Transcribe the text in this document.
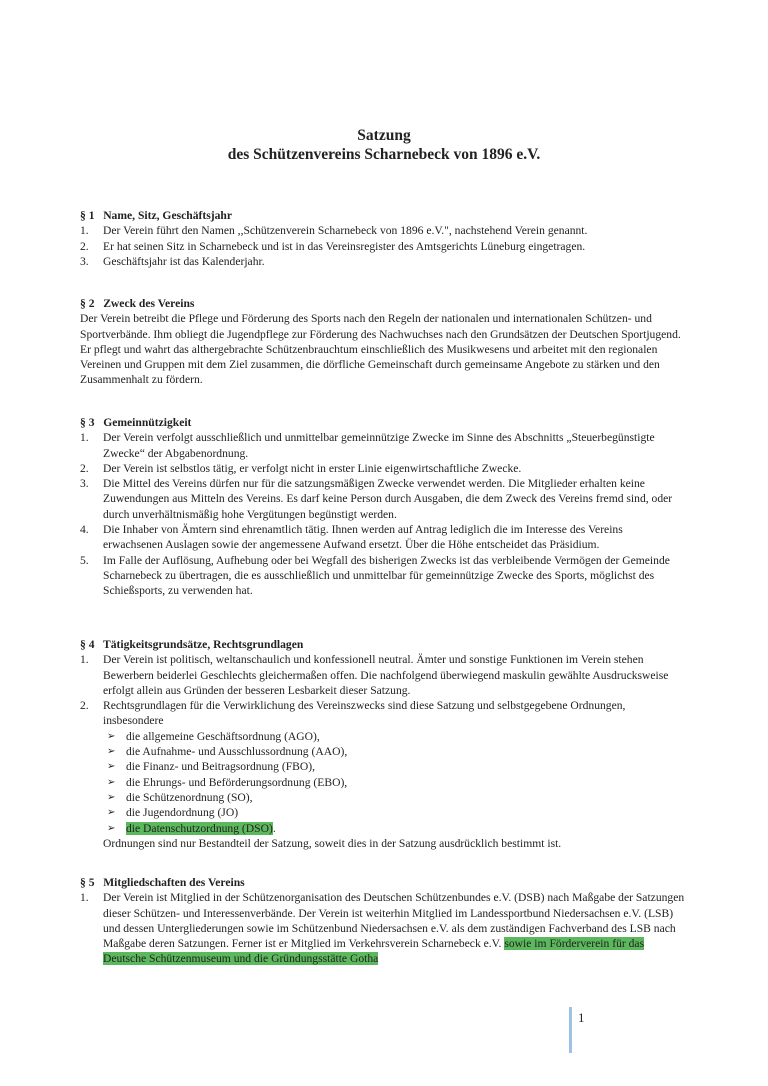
Satzung
des Schützenvereins Scharnebeck von 1896 e.V.
§ 1   Name, Sitz, Geschäftsjahr
1. Der Verein führt den Namen ,,Schützenverein Scharnebeck von 1896 e.V.", nachstehend Verein genannt.
2. Er hat seinen Sitz in Scharnebeck und ist in das Vereinsregister des Amtsgerichts Lüneburg eingetragen.
3. Geschäftsjahr ist das Kalenderjahr.
§ 2   Zweck des Vereins
Der Verein betreibt die Pflege und Förderung des Sports nach den Regeln der nationalen und internationalen Schützen- und Sportverbände. Ihm obliegt die Jugendpflege zur Förderung des Nachwuchses nach den Grundsätzen der Deutschen Sportjugend. Er pflegt und wahrt das althergebrachte Schützenbrauchtum einschließlich des Musikwesens und arbeitet mit den regionalen Vereinen und Gruppen mit dem Ziel zusammen, die dörfliche Gemeinschaft durch gemeinsame Angebote zu stärken und den Zusammenhalt zu fördern.
§ 3   Gemeinnützigkeit
1. Der Verein verfolgt ausschließlich und unmittelbar gemeinnützige Zwecke im Sinne des Abschnitts „Steuerbegünstigte Zwecke“ der Abgabenordnung.
2. Der Verein ist selbstlos tätig, er verfolgt nicht in erster Linie eigenwirtschaftliche Zwecke.
3. Die Mittel des Vereins dürfen nur für die satzungsmäßigen Zwecke verwendet werden. Die Mitglieder erhalten keine Zuwendungen aus Mitteln des Vereins. Es darf keine Person durch Ausgaben, die dem Zweck des Vereins fremd sind, oder durch unverhältnismäßig hohe Vergütungen begünstigt werden.
4. Die Inhaber von Ämtern sind ehrenamtlich tätig. Ihnen werden auf Antrag lediglich die im Interesse des Vereins erwachsenen Auslagen sowie der angemessene Aufwand ersetzt. Über die Höhe entscheidet das Präsidium.
5. Im Falle der Auflösung, Aufhebung oder bei Wegfall des bisherigen Zwecks ist das verbleibende Vermögen der Gemeinde Scharnebeck zu übertragen, die es ausschließlich und unmittelbar für gemeinnützige Zwecke des Sports, möglichst des Schießsports, zu verwenden hat.
§ 4   Tätigkeitsgrundsätze, Rechtsgrundlagen
1. Der Verein ist politisch, weltanschaulich und konfessionell neutral. Ämter und sonstige Funktionen im Verein stehen Bewerbern beiderlei Geschlechts gleichermaßen offen. Die nachfolgend überwiegend maskulin gewählte Ausdrucksweise erfolgt allein aus Gründen der besseren Lesbarkeit dieser Satzung.
2. Rechtsgrundlagen für die Verwirklichung des Vereinszwecks sind diese Satzung und selbstgegebene Ordnungen, insbesondere
➢ die allgemeine Geschäftsordnung (AGO),
➢ die Aufnahme- und Ausschlussordnung (AAO),
➢ die Finanz- und Beitragsordnung (FBO),
➢ die Ehrungs- und Beförderungsordnung (EBO),
➢ die Schützenordnung (SO),
➢ die Jugendordnung (JO)
➢ die Datenschutzordnung (DSO).
Ordnungen sind nur Bestandteil der Satzung, soweit dies in der Satzung ausdrücklich bestimmt ist.
§ 5   Mitgliedschaften des Vereins
1. Der Verein ist Mitglied in der Schützenorganisation des Deutschen Schützenbundes e.V. (DSB) nach Maßgabe der Satzungen dieser Schützen- und Interessenverbände. Der Verein ist weiterhin Mitglied im Landessportbund Niedersachsen e.V. (LSB) und dessen Untergliederungen sowie im Schützenbund Niedersachsen e.V. als dem zuständigen Fachverband des LSB nach Maßgabe deren Satzungen. Ferner ist er Mitglied im Verkehrsverein Scharnebeck e.V. sowie im Förderverein für das Deutsche Schützenmuseum und die Gründungsstätte Gotha
1
